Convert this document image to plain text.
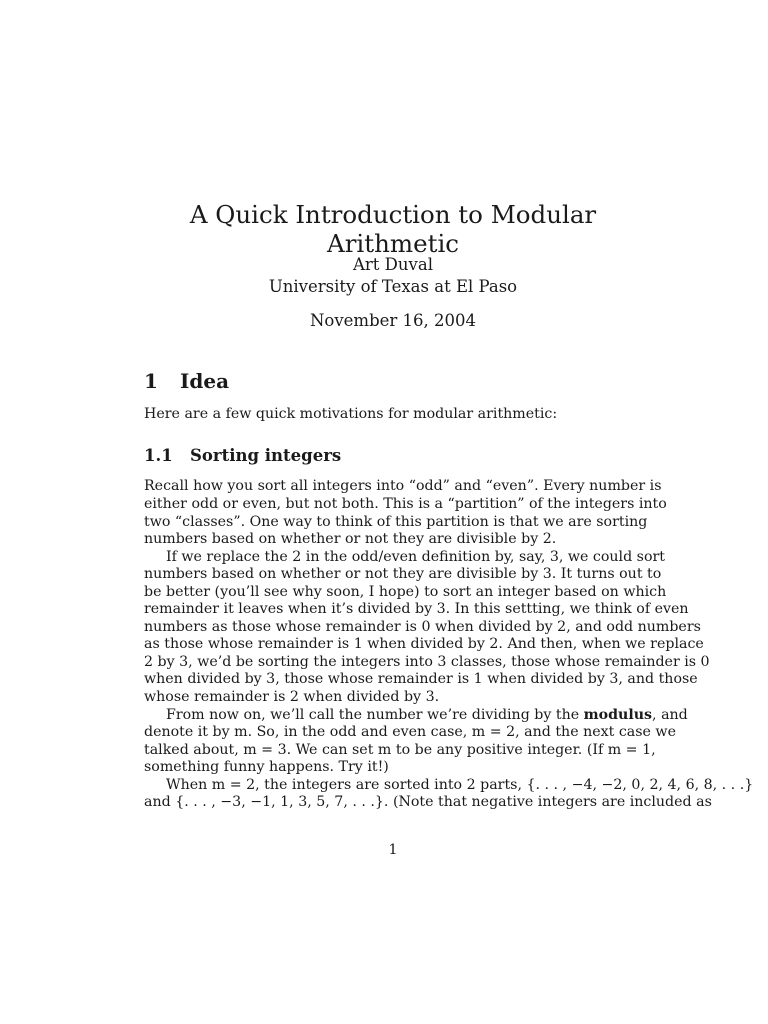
A Quick Introduction to Modular Arithmetic
Art Duval
University of Texas at El Paso
November 16, 2004
1 Idea

Here are a few quick motivations for modular arithmetic:

1.1 Sorting integers
Recall how you sort all integers into “odd” and “even”. Every number is
either odd or even, but not both. This is a “partition” of the integers into
two “classes”. One way to think of this partition is that we are sorting
numbers based on whether or not they are divisible by 2.
If we replace the 2 in the odd/even definition by, say, 3, we could sort
numbers based on whether or not they are divisible by 3. It turns out to
be better (you’ll see why soon, I hope) to sort an integer based on which
remainder it leaves when it’s divided by 3. In this settting, we think of even
numbers as those whose remainder is 0 when divided by 2, and odd numbers
as those whose remainder is 1 when divided by 2. And then, when we replace
2 by 3, we’d be sorting the integers into 3 classes, those whose remainder is 0
when divided by 3, those whose remainder is 1 when divided by 3, and those
whose remainder is 2 when divided by 3.
From now on, we’ll call the number we’re dividing by the modulus, and
denote it by m. So, in the odd and even case, m = 2, and the next case we
talked about, m = 3. We can set m to be any positive integer. (If m = 1,
something funny happens. Try it!)
When m = 2, the integers are sorted into 2 parts, {. . . , −4, −2, 0, 2, 4, 6, 8, . . .}
and {. . . , −3, −1, 1, 3, 5, 7, . . .}. (Note that negative integers are included as
1
